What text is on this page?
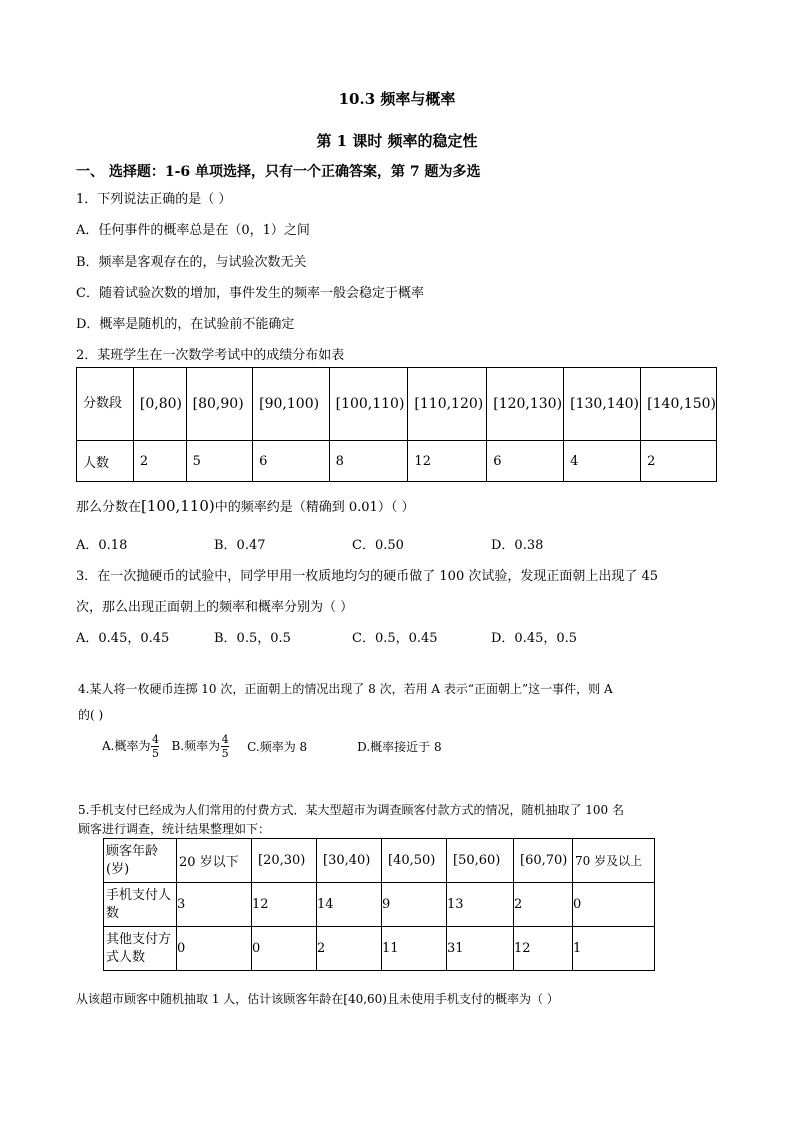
10.3 频率与概率
第 1 课时 频率的稳定性
一、 选择题：1-6 单项选择，只有一个正确答案，第 7 题为多选
1．下列说法正确的是（ ）
A．任何事件的概率总是在（0，1）之间
B．频率是客观存在的，与试验次数无关
C．随着试验次数的增加，事件发生的频率一般会稳定于概率
D．概率是随机的，在试验前不能确定
2．某班学生在一次数学考试中的成绩分布如表
分数段	[0,80)	[80,90)	[90,100)	[100,110)	[110,120)	[120,130)	[130,140)	[140,150)
人数	2	5	6	8	12	6	4	2
那么分数在[100,110)中的频率约是（精确到 0.01）（ ）
A．0.18	B．0.47	C．0.50	D．0.38
3．在一次抛硬币的试验中，同学甲用一枚质地均匀的硬币做了 100 次试验，发现正面朝上出现了 45
次，那么出现正面朝上的频率和概率分别为（ ）
A．0.45，0.45	B．0.5，0.5	C．0.5，0.45	D．0.45，0.5
4.某人将一枚硬币连掷 10 次，正面朝上的情况出现了 8 次，若用 A 表示“正面朝上”这一事件，则 A
的( )
A.概率为 $\frac{4}{5} B$.频率为 $\frac{4}{5} C$.频率为 8	D.概率接近于 8
5.手机支付已经成为人们常用的付费方式．某大型超市为调查顾客付款方式的情况，随机抽取了 100 名
顾客进行调查，统计结果整理如下：
顾客年龄(岁)	20 岁以下	[20,30)	[30,40)	[40,50)	[50,60)	[60,70)	70 岁及以上
手机支付人数	3	12	14	9	13	2	0
其他支付方式人数	0	0	2	11	31	12	1
从该超市顾客中随机抽取 1 人，估计该顾客年龄在[40,60)且未使用手机支付的概率为（ ）
